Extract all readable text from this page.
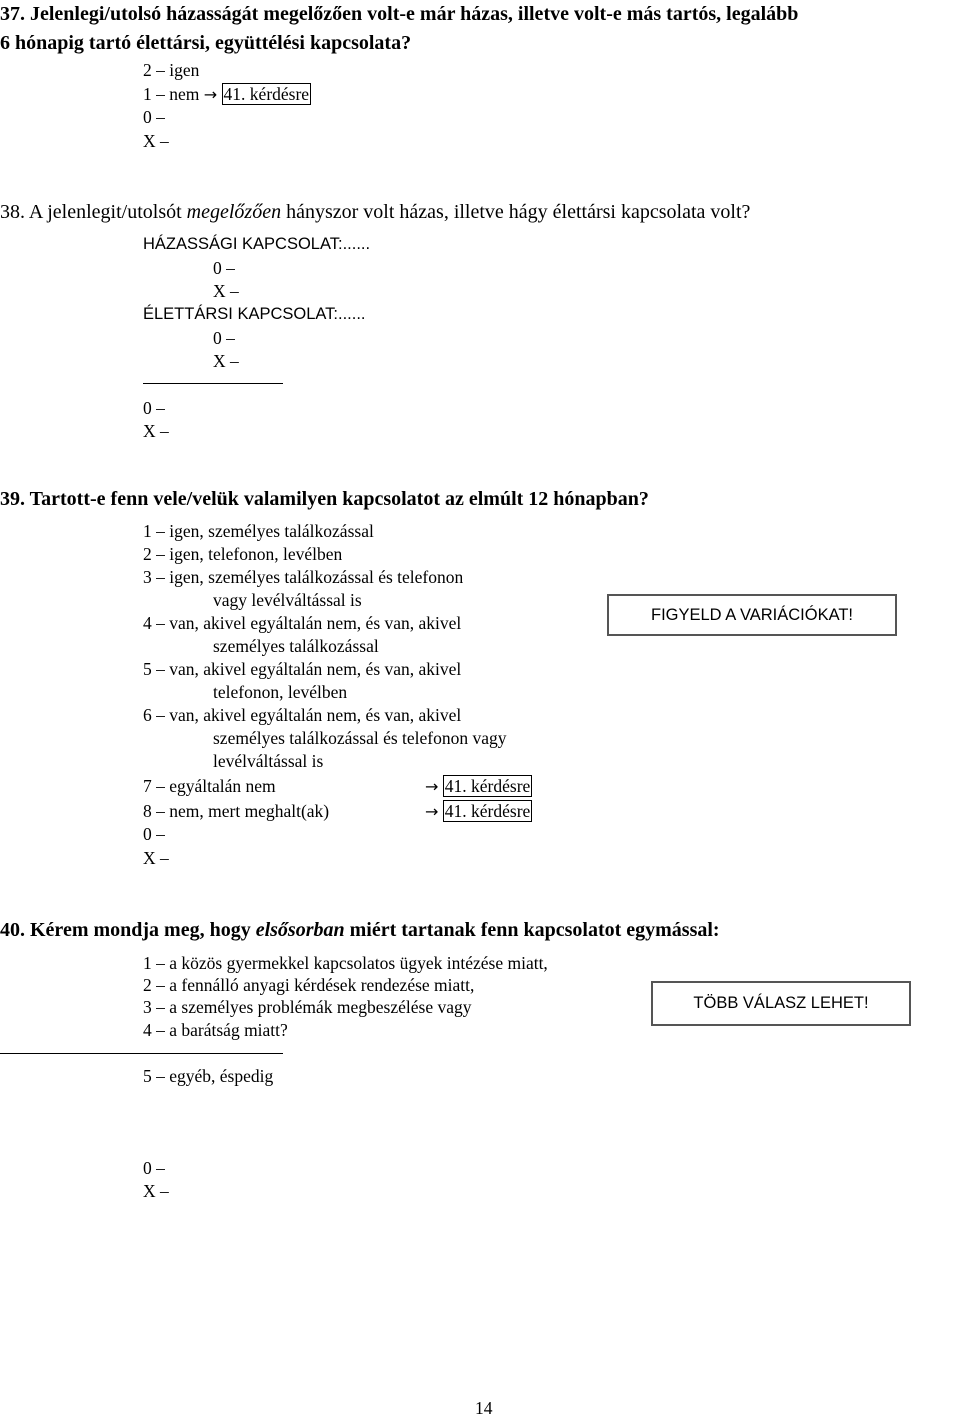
37. Jelenlegi/utolsó házasságát megelőzően volt-e már házas, illetve volt-e más tartós, legalább
6 hónapig tartó élettársi, együttélési kapcsolata?
2 – igen
1 – nem → 41. kérdésre
0 –
X –
38. A jelenlegit/utolsót megelőzően hányszor volt házas, illetve hágy élettársi kapcsolata volt?
HÁZASSÁGI KAPCSOLAT:......
0 –
X –
ÉLETTÁRSI KAPCSOLAT:......
0 –
X –
0 –
X –
39. Tartott-e fenn vele/velük valamilyen kapcsolatot az elmúlt 12 hónapban?
1 – igen, személyes találkozással
2 – igen, telefonon, levélben
3 – igen, személyes találkozással és telefonon
vagy levélváltással is
4 – van, akivel egyáltalán nem, és van, akivel
személyes találkozással
5 – van, akivel egyáltalán nem, és van, akivel
telefonon, levélben
6 – van, akivel egyáltalán nem, és van, akivel
személyes találkozással és telefonon vagy
levélváltással is
7 – egyáltalán nem	→ 41. kérdésre
8 – nem, mert meghalt(ak)	→ 41. kérdésre
0 –
X –
FIGYELD A VARIÁCIÓKAT!
40. Kérem mondja meg, hogy elsősorban miért tartanak fenn kapcsolatot egymással:
1 – a közös gyermekkel kapcsolatos ügyek intézése miatt,
2 – a fennálló anyagi kérdések rendezése miatt,
3 – a személyes problémák megbeszélése vagy
4 – a barátság miatt?
5 – egyéb, éspedig
0 –
X –
TÖBB VÁLASZ LEHET!
14
